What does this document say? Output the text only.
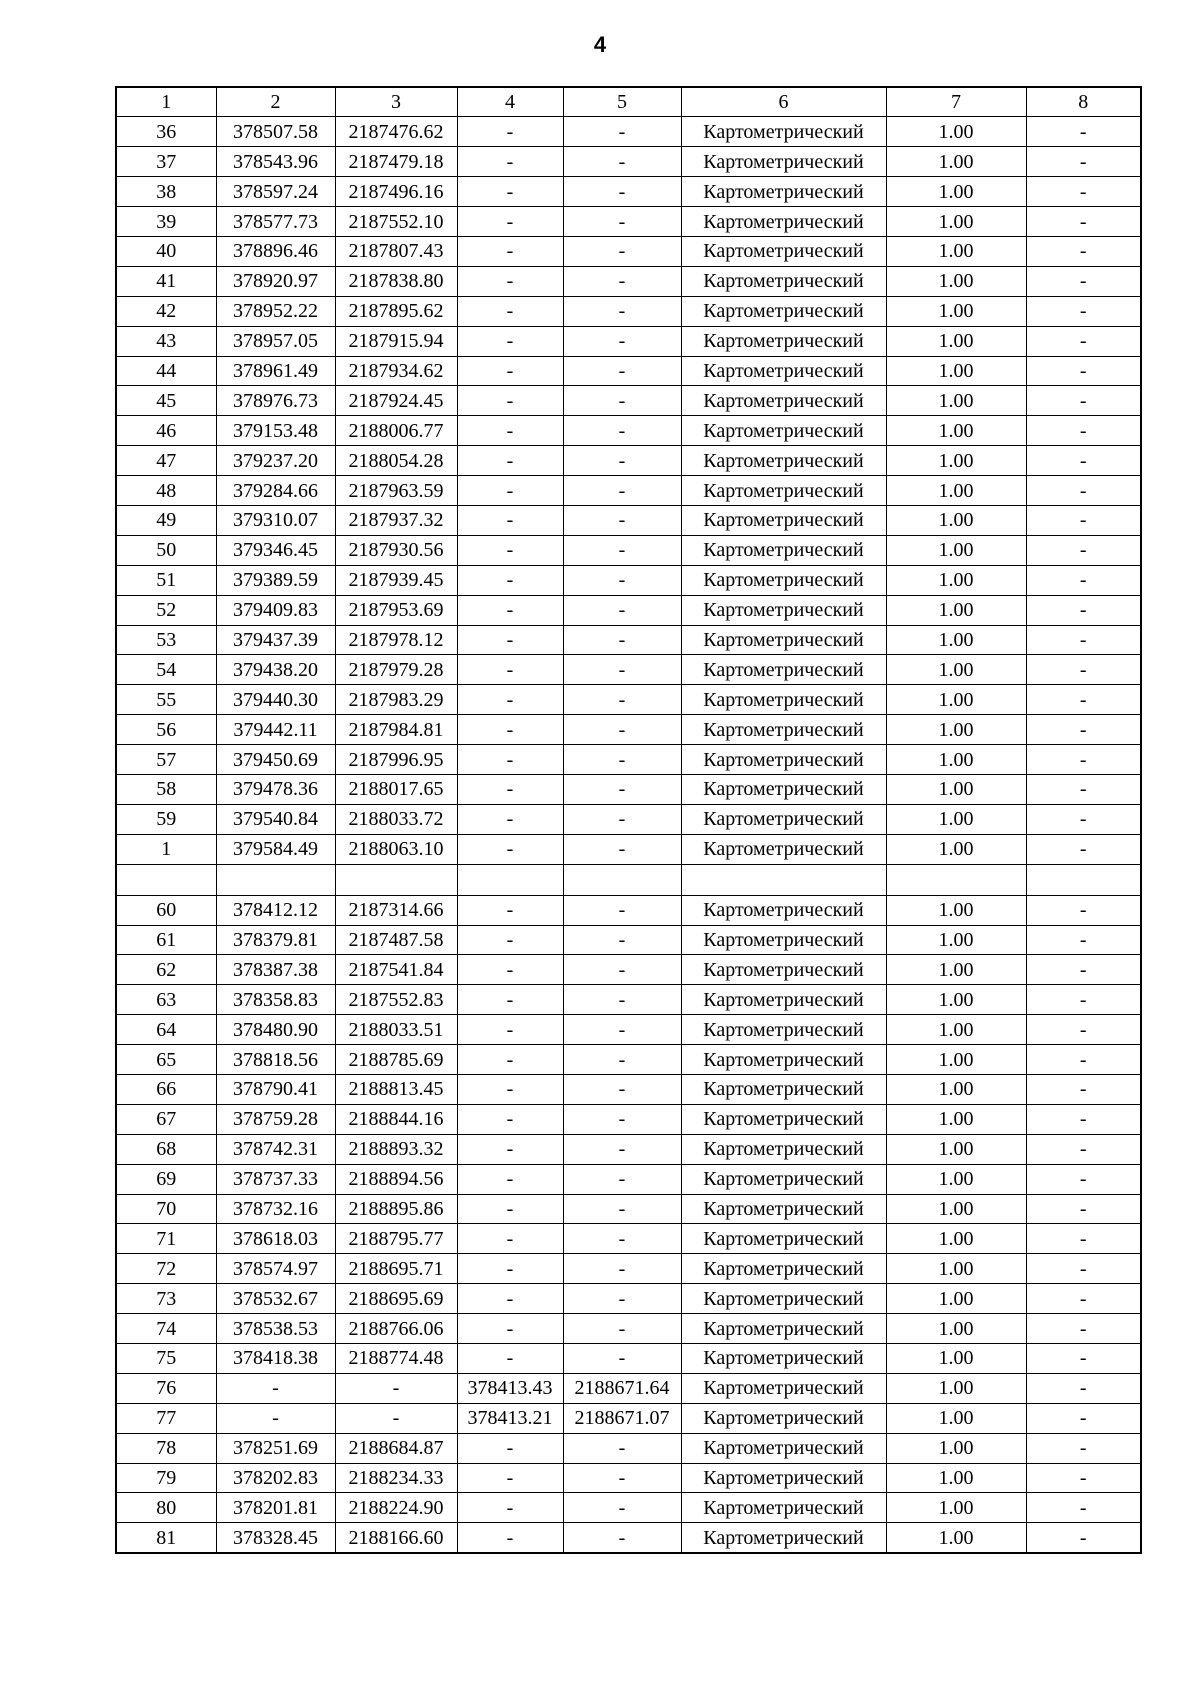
4
1	2	3	4	5	6	7	8
36	378507.58	2187476.62	-	-	Картометрический	1.00	-
37	378543.96	2187479.18	-	-	Картометрический	1.00	-
38	378597.24	2187496.16	-	-	Картометрический	1.00	-
39	378577.73	2187552.10	-	-	Картометрический	1.00	-
40	378896.46	2187807.43	-	-	Картометрический	1.00	-
41	378920.97	2187838.80	-	-	Картометрический	1.00	-
42	378952.22	2187895.62	-	-	Картометрический	1.00	-
43	378957.05	2187915.94	-	-	Картометрический	1.00	-
44	378961.49	2187934.62	-	-	Картометрический	1.00	-
45	378976.73	2187924.45	-	-	Картометрический	1.00	-
46	379153.48	2188006.77	-	-	Картометрический	1.00	-
47	379237.20	2188054.28	-	-	Картометрический	1.00	-
48	379284.66	2187963.59	-	-	Картометрический	1.00	-
49	379310.07	2187937.32	-	-	Картометрический	1.00	-
50	379346.45	2187930.56	-	-	Картометрический	1.00	-
51	379389.59	2187939.45	-	-	Картометрический	1.00	-
52	379409.83	2187953.69	-	-	Картометрический	1.00	-
53	379437.39	2187978.12	-	-	Картометрический	1.00	-
54	379438.20	2187979.28	-	-	Картометрический	1.00	-
55	379440.30	2187983.29	-	-	Картометрический	1.00	-
56	379442.11	2187984.81	-	-	Картометрический	1.00	-
57	379450.69	2187996.95	-	-	Картометрический	1.00	-
58	379478.36	2188017.65	-	-	Картометрический	1.00	-
59	379540.84	2188033.72	-	-	Картометрический	1.00	-
1	379584.49	2188063.10	-	-	Картометрический	1.00	-

60	378412.12	2187314.66	-	-	Картометрический	1.00	-
61	378379.81	2187487.58	-	-	Картометрический	1.00	-
62	378387.38	2187541.84	-	-	Картометрический	1.00	-
63	378358.83	2187552.83	-	-	Картометрический	1.00	-
64	378480.90	2188033.51	-	-	Картометрический	1.00	-
65	378818.56	2188785.69	-	-	Картометрический	1.00	-
66	378790.41	2188813.45	-	-	Картометрический	1.00	-
67	378759.28	2188844.16	-	-	Картометрический	1.00	-
68	378742.31	2188893.32	-	-	Картометрический	1.00	-
69	378737.33	2188894.56	-	-	Картометрический	1.00	-
70	378732.16	2188895.86	-	-	Картометрический	1.00	-
71	378618.03	2188795.77	-	-	Картометрический	1.00	-
72	378574.97	2188695.71	-	-	Картометрический	1.00	-
73	378532.67	2188695.69	-	-	Картометрический	1.00	-
74	378538.53	2188766.06	-	-	Картометрический	1.00	-
75	378418.38	2188774.48	-	-	Картометрический	1.00	-
76	-	-	378413.43	2188671.64	Картометрический	1.00	-
77	-	-	378413.21	2188671.07	Картометрический	1.00	-
78	378251.69	2188684.87	-	-	Картометрический	1.00	-
79	378202.83	2188234.33	-	-	Картометрический	1.00	-
80	378201.81	2188224.90	-	-	Картометрический	1.00	-
81	378328.45	2188166.60	-	-	Картометрический	1.00	-
